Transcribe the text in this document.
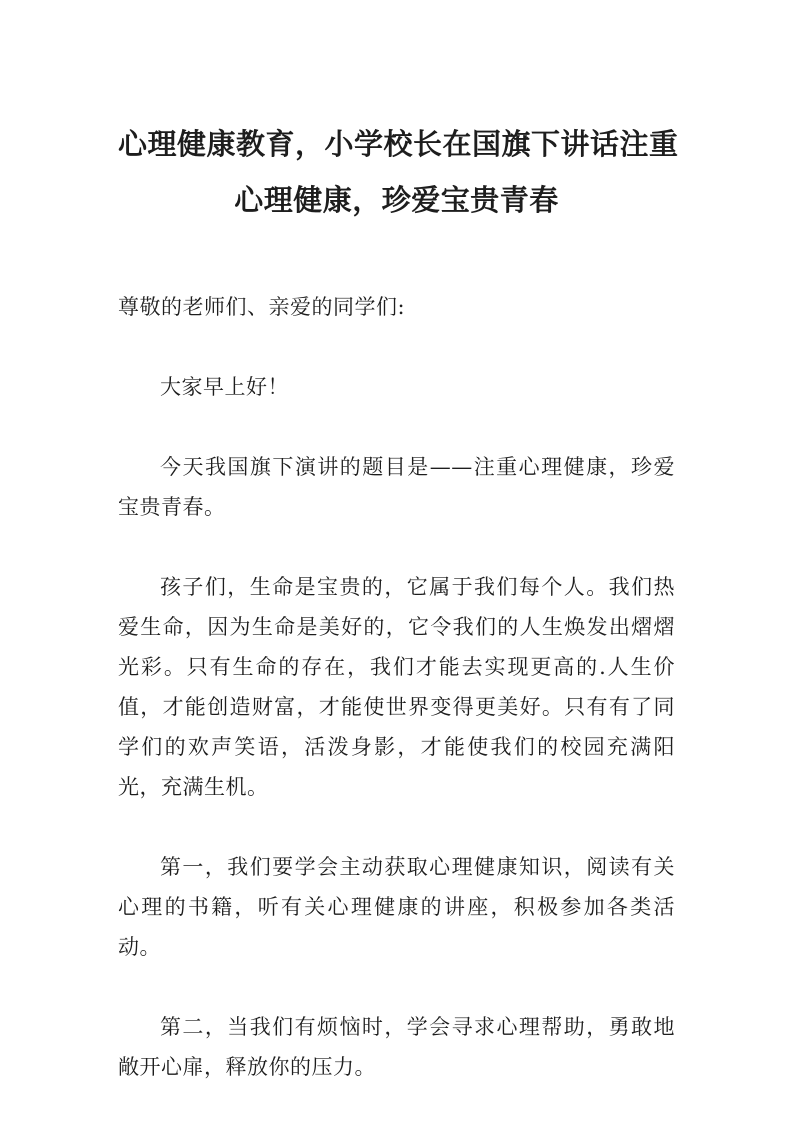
心理健康教育，小学校长在国旗下讲话注重
心理健康，珍爱宝贵青春

尊敬的老师们、亲爱的同学们:

大家早上好！

今天我国旗下演讲的题目是——注重心理健康，珍爱宝贵青春。

孩子们，生命是宝贵的，它属于我们每个人。我们热爱生命，因为生命是美好的，它令我们的人生焕发出熠熠光彩。只有生命的存在，我们才能去实现更高的.人生价值，才能创造财富，才能使世界变得更美好。只有有了同学们的欢声笑语，活泼身影，才能使我们的校园充满阳光，充满生机。

第一，我们要学会主动获取心理健康知识，阅读有关心理的书籍，听有关心理健康的讲座，积极参加各类活动。

第二，当我们有烦恼时，学会寻求心理帮助，勇敢地敞开心扉，释放你的压力。
